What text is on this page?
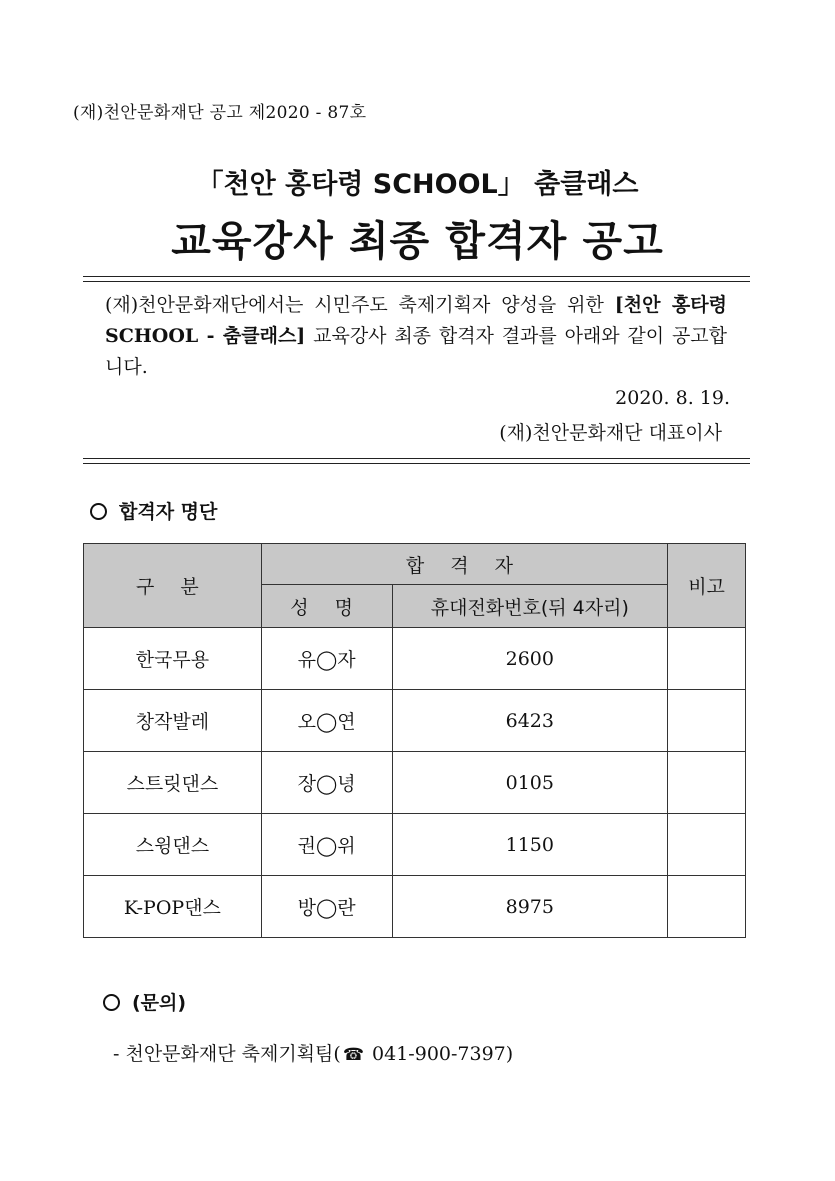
(재)천안문화재단 공고 제2020 - 87호
「천안 홍타령 SCHOOL」 춤클래스
교육강사 최종 합격자 공고
(재)천안문화재단에서는 시민주도 축제기획자 양성을 위한 [천안 홍타령 SCHOOL - 춤클래스] 교육강사 최종 합격자 결과를 아래와 같이 공고합니다.
2020. 8. 19.
(재)천안문화재단 대표이사
합격자 명단
구 분	합 격 자		비고
	성 명	휴대전화번호(뒤 4자리)	
한국무용	유◯자	2600	
창작발레	오◯연	6423	
스트릿댄스	장◯녕	0105	
스윙댄스	권◯위	1150	
K-POP댄스	방◯란	8975	
(문의)
- 천안문화재단 축제기획팀( ☎ 041-900-7397)
